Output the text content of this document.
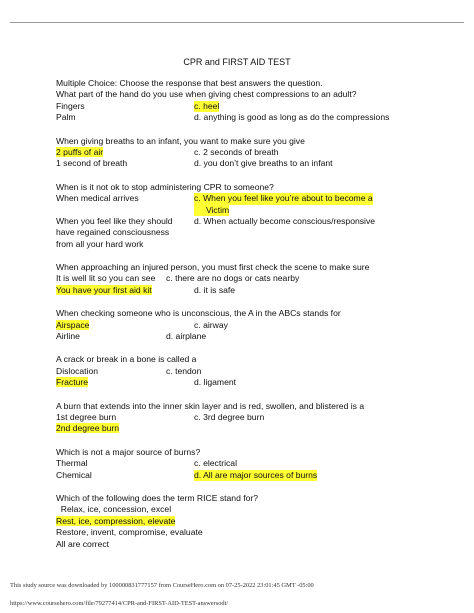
CPR and FIRST AID TEST
Multiple Choice: Choose the response that best answers the question.
What part of the hand do you use when giving chest compressions to an adult?
Fingers	c. heel
Palm	d. anything is good as long as do the compressions
When giving breaths to an infant, you want to make sure you give
2 puffs of air	c. 2 seconds of breath
1 second of breath	d. you don’t give breaths to an infant
When is it not ok to stop administering CPR to someone?
When medical arrives	c. When you feel like you’re about to become a
Victim
When you feel like they should d. When actually become conscious/responsive
have regained consciousness
from all your hard work
When approaching an injured person, you must first check the scene to make sure
It is well lit so you can see c. there are no dogs or cats nearby
You have your first aid kit	d. it is safe
When checking someone who is unconscious, the A in the ABCs stands for
Airspace	c. airway
Airline	d. airplane
A crack or break in a bone is called a
Dislocation	c. tendon
Fracture	d. ligament
A burn that extends into the inner skin layer and is red, swollen, and blistered is a
1st degree burn	c. 3rd degree burn
2nd degree burn
Which is not a major source of burns?
Thermal	c. electrical
Chemical	d. All are major sources of burns
Which of the following does the term RICE stand for?
Relax, ice, concession, excel
Rest, ice, compression, elevate
Restore, invent, compromise, evaluate
All are correct
This study source was downloaded by 100000831777157 from CourseHero.com on 07-25-2022 23:01:45 GMT -05:00
https://www.coursehero.com/file/79277414/CPR-and-FIRST-AID-TEST-answersodt/
